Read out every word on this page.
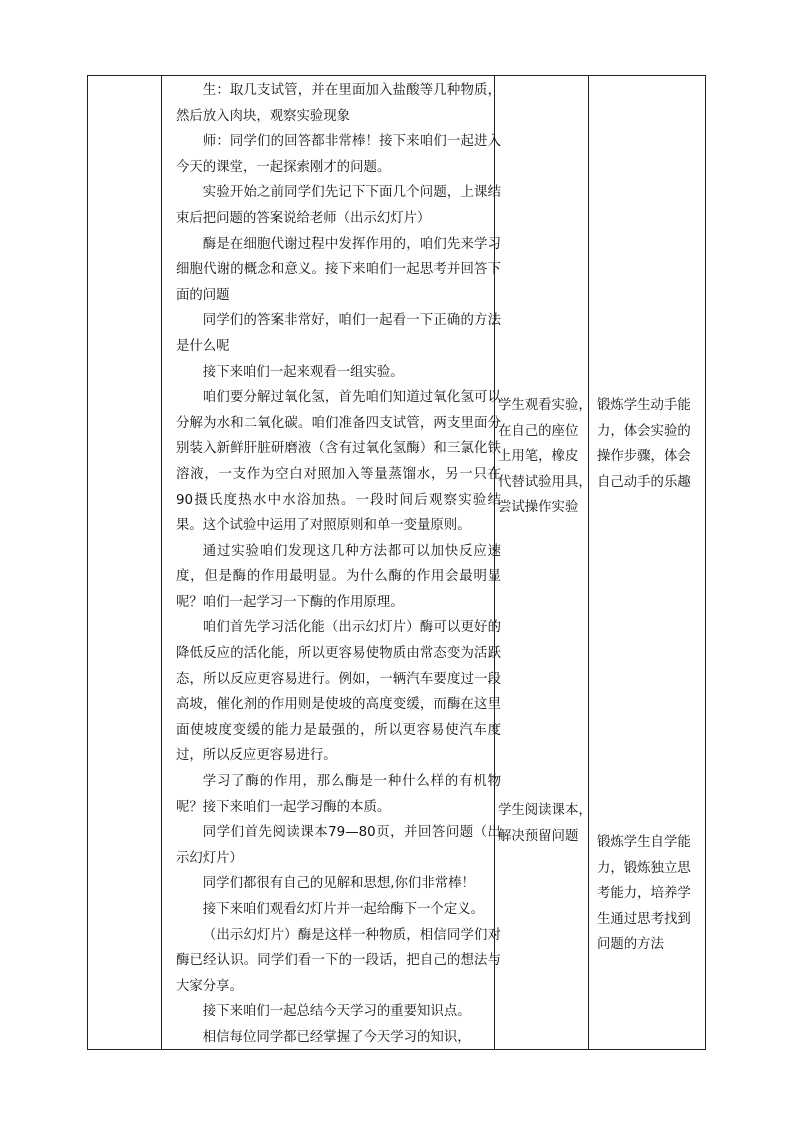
生：取几支试管，并在里面加入盐酸等几种物质，然后放入肉块，观察实验现象

师：同学们的回答都非常棒！接下来咱们一起进入今天的课堂，一起探索刚才的问题。

实验开始之前同学们先记下下面几个问题，上课结束后把问题的答案说给老师（出示幻灯片）

酶是在细胞代谢过程中发挥作用的，咱们先来学习细胞代谢的概念和意义。接下来咱们一起思考并回答下面的问题

同学们的答案非常好，咱们一起看一下正确的方法是什么呢

接下来咱们一起来观看一组实验。

咱们要分解过氧化氢，首先咱们知道过氧化氢可以分解为水和二氧化碳。咱们准备四支试管，两支里面分别装入新鲜肝脏研磨液（含有过氧化氢酶）和三氯化铁溶液，一支作为空白对照加入等量蒸馏水，另一只在90摄氏度热水中水浴加热。一段时间后观察实验结果。这个试验中运用了对照原则和单一变量原则。

通过实验咱们发现这几种方法都可以加快反应速度，但是酶的作用最明显。为什么酶的作用会最明显呢？咱们一起学习一下酶的作用原理。

咱们首先学习活化能（出示幻灯片）酶可以更好的降低反应的活化能，所以更容易使物质由常态变为活跃态，所以反应更容易进行。例如，一辆汽车要度过一段高坡，催化剂的作用则是使坡的高度变缓，而酶在这里面使坡度变缓的能力是最强的，所以更容易使汽车度过，所以反应更容易进行。

学习了酶的作用，那么酶是一种什么样的有机物呢？接下来咱们一起学习酶的本质。

同学们首先阅读课本79—80页，并回答问题（出示幻灯片）

同学们都很有自己的见解和思想,你们非常棒！

接下来咱们观看幻灯片并一起给酶下一个定义。

（出示幻灯片）酶是这样一种物质，相信同学们对酶已经认识。同学们看一下的一段话，把自己的想法与大家分享。

接下来咱们一起总结今天学习的重要知识点。

相信每位同学都已经掌握了今天学习的知识，

学生观看实验，

在自己的座位

上用笔，橡皮

代替试验用具，

尝试操作实验

学生阅读课本，

解决预留问题

锻炼学生动手能

力，体会实验的

操作步骤，体会

自己动手的乐趣

锻炼学生自学能

力，锻炼独立思

考能力，培养学

生通过思考找到

问题的方法
